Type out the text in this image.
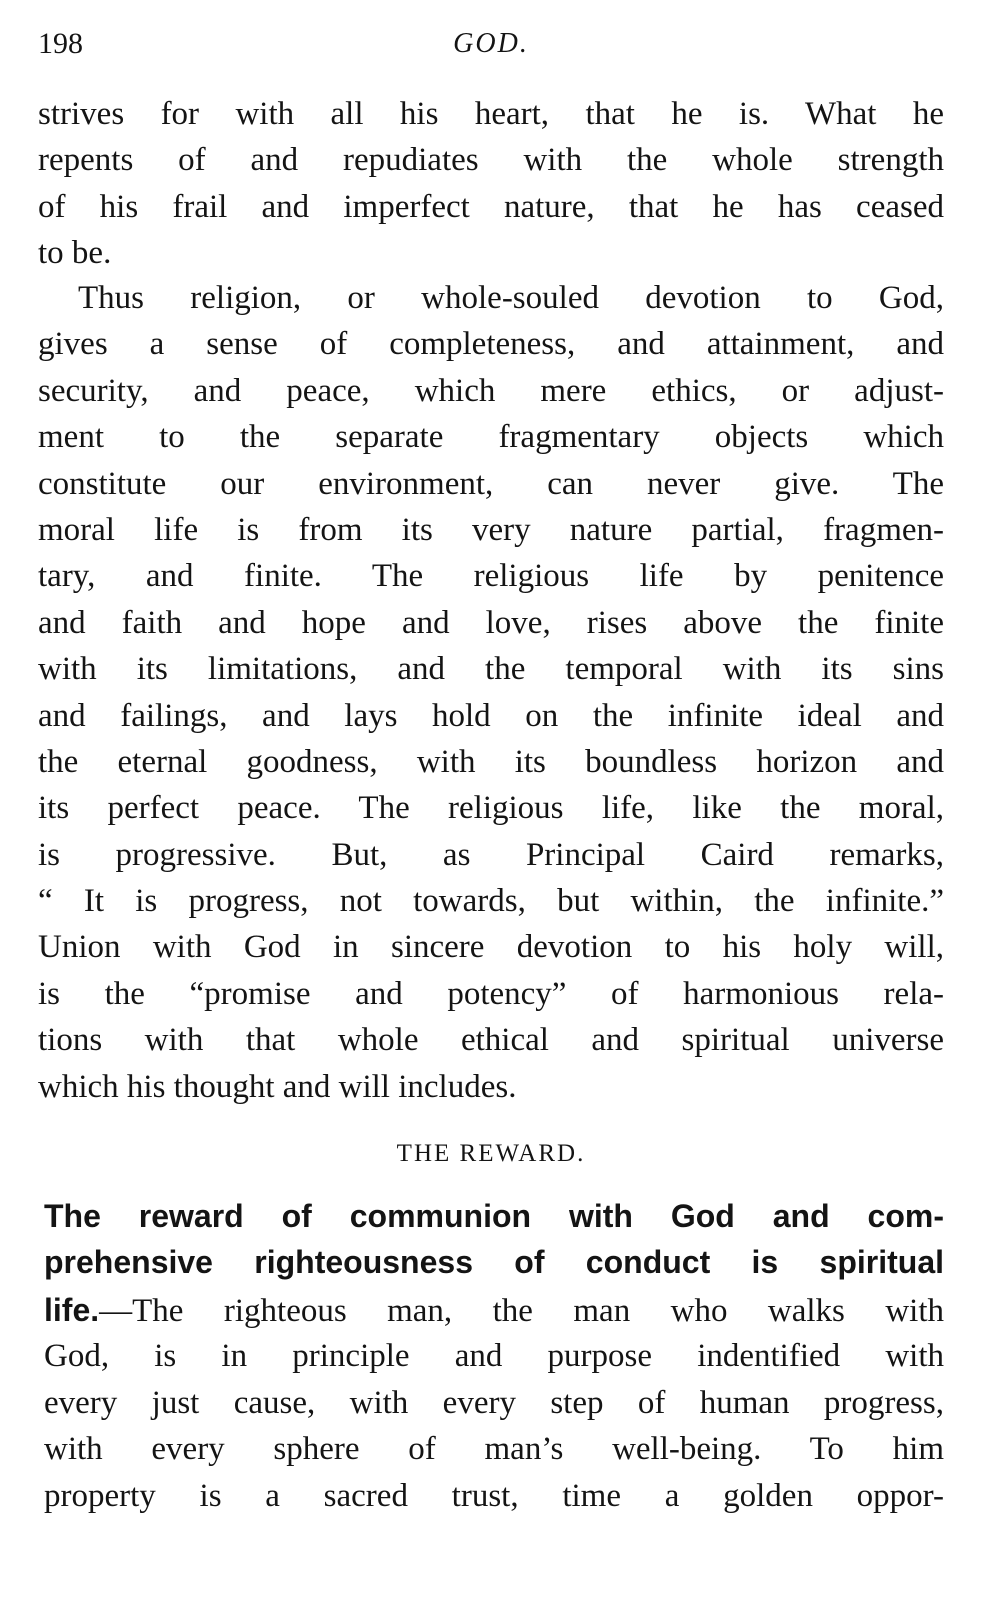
198	GOD.
strives for with all his heart, that he is. What he
repents of and repudiates with the whole strength
of his frail and imperfect nature, that he has ceased
to be.
Thus religion, or whole-souled devotion to God,
gives a sense of completeness, and attainment, and
security, and peace, which mere ethics, or adjust-
ment to the separate fragmentary objects which
constitute our environment, can never give. The
moral life is from its very nature partial, fragmen-
tary, and finite. The religious life by penitence
and faith and hope and love, rises above the finite
with its limitations, and the temporal with its sins
and failings, and lays hold on the infinite ideal and
the eternal goodness, with its boundless horizon and
its perfect peace. The religious life, like the moral,
is progressive. But, as Principal Caird remarks,
“ It is progress, not towards, but within, the infinite.”
Union with God in sincere devotion to his holy will,
is the “promise and potency” of harmonious rela-
tions with that whole ethical and spiritual universe
which his thought and will includes.
THE REWARD.
The reward of communion with God and com-
prehensive righteousness of conduct is spiritual
life.—The righteous man, the man who walks with
God, is in principle and purpose indentified with
every just cause, with every step of human progress,
with every sphere of man’s well-being. To him
property is a sacred trust, time a golden oppor-
